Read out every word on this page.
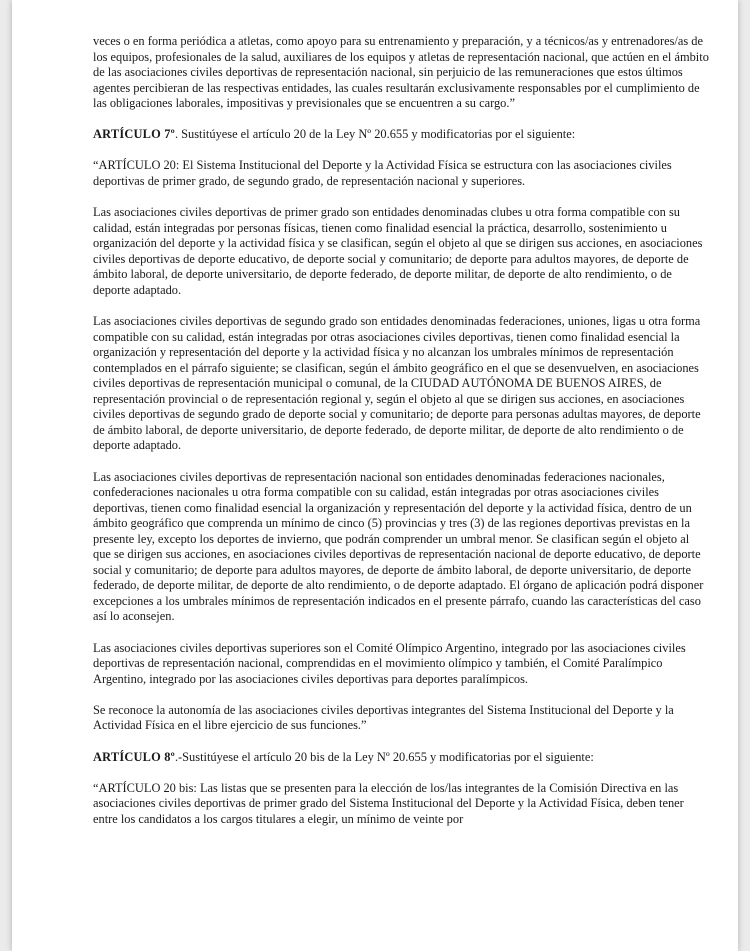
veces o en forma periódica a atletas, como apoyo para su entrenamiento y preparación, y a técnicos/as y entrenadores/as de los equipos, profesionales de la salud, auxiliares de los equipos y atletas de representación nacional, que actúen en el ámbito de las asociaciones civiles deportivas de representación nacional, sin perjuicio de las remuneraciones que estos últimos agentes percibieran de las respectivas entidades, las cuales resultarán exclusivamente responsables por el cumplimiento de las obligaciones laborales, impositivas y previsionales que se encuentren a su cargo.”

ARTÍCULO 7º. Sustitúyese el artículo 20 de la Ley Nº 20.655 y modificatorias por el siguiente:

“ARTÍCULO 20: El Sistema Institucional del Deporte y la Actividad Física se estructura con las asociaciones civiles deportivas de primer grado, de segundo grado, de representación nacional y superiores.

Las asociaciones civiles deportivas de primer grado son entidades denominadas clubes u otra forma compatible con su calidad, están integradas por personas físicas, tienen como finalidad esencial la práctica, desarrollo, sostenimiento u organización del deporte y la actividad física y se clasifican, según el objeto al que se dirigen sus acciones, en asociaciones civiles deportivas de deporte educativo, de deporte social y comunitario; de deporte para adultos mayores, de deporte de ámbito laboral, de deporte universitario, de deporte federado, de deporte militar, de deporte de alto rendimiento, o de deporte adaptado.

Las asociaciones civiles deportivas de segundo grado son entidades denominadas federaciones, uniones, ligas u otra forma compatible con su calidad, están integradas por otras asociaciones civiles deportivas, tienen como finalidad esencial la organización y representación del deporte y la actividad física y no alcanzan los umbrales mínimos de representación contemplados en el párrafo siguiente; se clasifican, según el ámbito geográfico en el que se desenvuelven, en asociaciones civiles deportivas de representación municipal o comunal, de la CIUDAD AUTÓNOMA DE BUENOS AIRES, de representación provincial o de representación regional y, según el objeto al que se dirigen sus acciones, en asociaciones civiles deportivas de segundo grado de deporte social y comunitario; de deporte para personas adultas mayores, de deporte de ámbito laboral, de deporte universitario, de deporte federado, de deporte militar, de deporte de alto rendimiento o de deporte adaptado.

Las asociaciones civiles deportivas de representación nacional son entidades denominadas federaciones nacionales, confederaciones nacionales u otra forma compatible con su calidad, están integradas por otras asociaciones civiles deportivas, tienen como finalidad esencial la organización y representación del deporte y la actividad física, dentro de un ámbito geográfico que comprenda un mínimo de cinco (5) provincias y tres (3) de las regiones deportivas previstas en la presente ley, excepto los deportes de invierno, que podrán comprender un umbral menor. Se clasifican según el objeto al que se dirigen sus acciones, en asociaciones civiles deportivas de representación nacional de deporte educativo, de deporte social y comunitario; de deporte para adultos mayores, de deporte de ámbito laboral, de deporte universitario, de deporte federado, de deporte militar, de deporte de alto rendimiento, o de deporte adaptado. El órgano de aplicación podrá disponer excepciones a los umbrales mínimos de representación indicados en el presente párrafo, cuando las características del caso así lo aconsejen.

Las asociaciones civiles deportivas superiores son el Comité Olímpico Argentino, integrado por las asociaciones civiles deportivas de representación nacional, comprendidas en el movimiento olímpico y también, el Comité Paralímpico Argentino, integrado por las asociaciones civiles deportivas para deportes paralímpicos.

Se reconoce la autonomía de las asociaciones civiles deportivas integrantes del Sistema Institucional del Deporte y la Actividad Física en el libre ejercicio de sus funciones.”

ARTÍCULO 8º.-Sustitúyese el artículo 20 bis de la Ley Nº 20.655 y modificatorias por el siguiente:

“ARTÍCULO 20 bis: Las listas que se presenten para la elección de los/las integrantes de la Comisión Directiva en las asociaciones civiles deportivas de primer grado del Sistema Institucional del Deporte y la Actividad Física, deben tener entre los candidatos a los cargos titulares a elegir, un mínimo de veinte por
